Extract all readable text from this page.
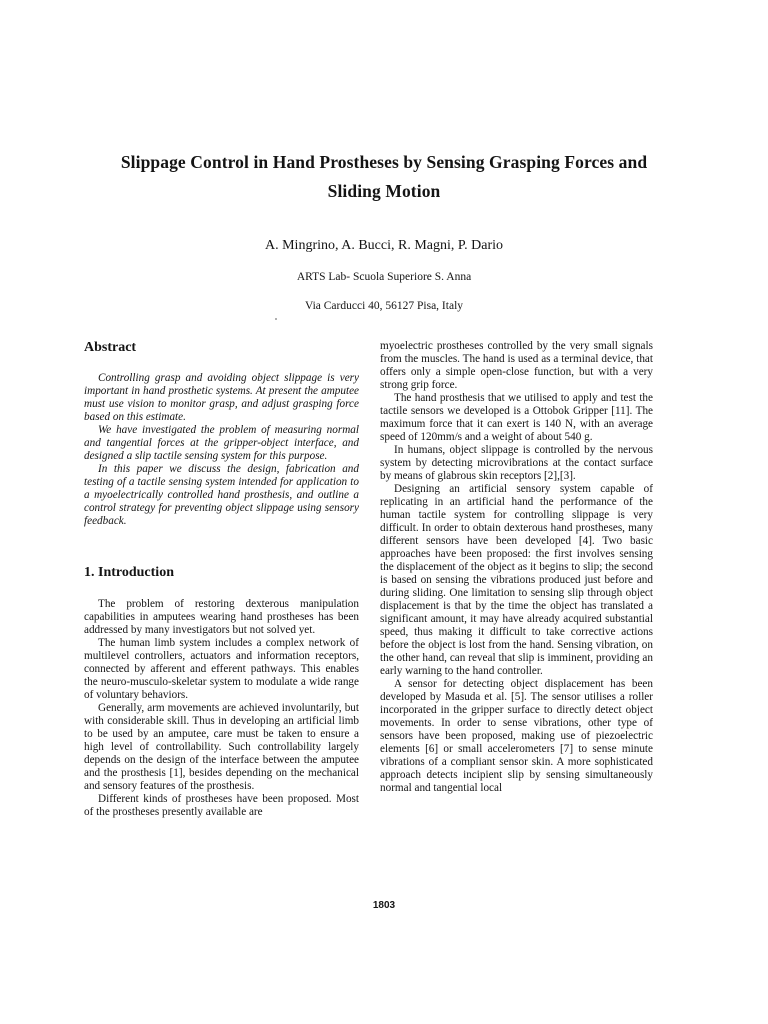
Slippage Control in Hand Prostheses by Sensing Grasping Forces and
Sliding Motion
A. Mingrino, A. Bucci, R. Magni, P. Dario
ARTS Lab- Scuola Superiore S. Anna
Via Carducci 40, 56127 Pisa, Italy
Abstract

Controlling grasp and avoiding object slippage is very important in hand prosthetic systems. At present the amputee must use vision to monitor grasp, and adjust grasping force based on this estimate.

We have investigated the problem of measuring normal and tangential forces at the gripper-object interface, and designed a slip tactile sensing system for this purpose.

In this paper we discuss the design, fabrication and testing of a tactile sensing system intended for application to a myoelectrically controlled hand prosthesis, and outline a control strategy for preventing object slippage using sensory feedback.

1. Introduction

The problem of restoring dexterous manipulation capabilities in amputees wearing hand prostheses has been addressed by many investigators but not solved yet.

The human limb system includes a complex network of multilevel controllers, actuators and information receptors, connected by afferent and efferent pathways. This enables the neuro-musculo-skeletar system to modulate a wide range of voluntary behaviors.

Generally, arm movements are achieved involuntarily, but with considerable skill. Thus in developing an artificial limb to be used by an amputee, care must be taken to ensure a high level of controllability. Such controllability largely depends on the design of the interface between the amputee and the prosthesis [1], besides depending on the mechanical and sensory features of the prosthesis.

Different kinds of prostheses have been proposed. Most of the prostheses presently available are

myoelectric prostheses controlled by the very small signals from the muscles. The hand is used as a terminal device, that offers only a simple open-close function, but with a very strong grip force.

The hand prosthesis that we utilised to apply and test the tactile sensors we developed is a Ottobok Gripper [11]. The maximum force that it can exert is 140 N, with an average speed of 120mm/s and a weight of about 540 g.

In humans, object slippage is controlled by the nervous system by detecting microvibrations at the contact surface by means of glabrous skin receptors [2],[3].

Designing an artificial sensory system capable of replicating in an artificial hand the performance of the human tactile system for controlling slippage is very difficult. In order to obtain dexterous hand prostheses, many different sensors have been developed [4]. Two basic approaches have been proposed: the first involves sensing the displacement of the object as it begins to slip; the second is based on sensing the vibrations produced just before and during sliding. One limitation to sensing slip through object displacement is that by the time the object has translated a significant amount, it may have already acquired substantial speed, thus making it difficult to take corrective actions before the object is lost from the hand. Sensing vibration, on the other hand, can reveal that slip is imminent, providing an early warning to the hand controller.

A sensor for detecting object displacement has been developed by Masuda et al. [5]. The sensor utilises a roller incorporated in the gripper surface to directly detect object movements. In order to sense vibrations, other type of sensors have been proposed, making use of piezoelectric elements [6] or small accelerometers [7] to sense minute vibrations of a compliant sensor skin. A more sophisticated approach detects incipient slip by sensing simultaneously normal and tangential local

1803
